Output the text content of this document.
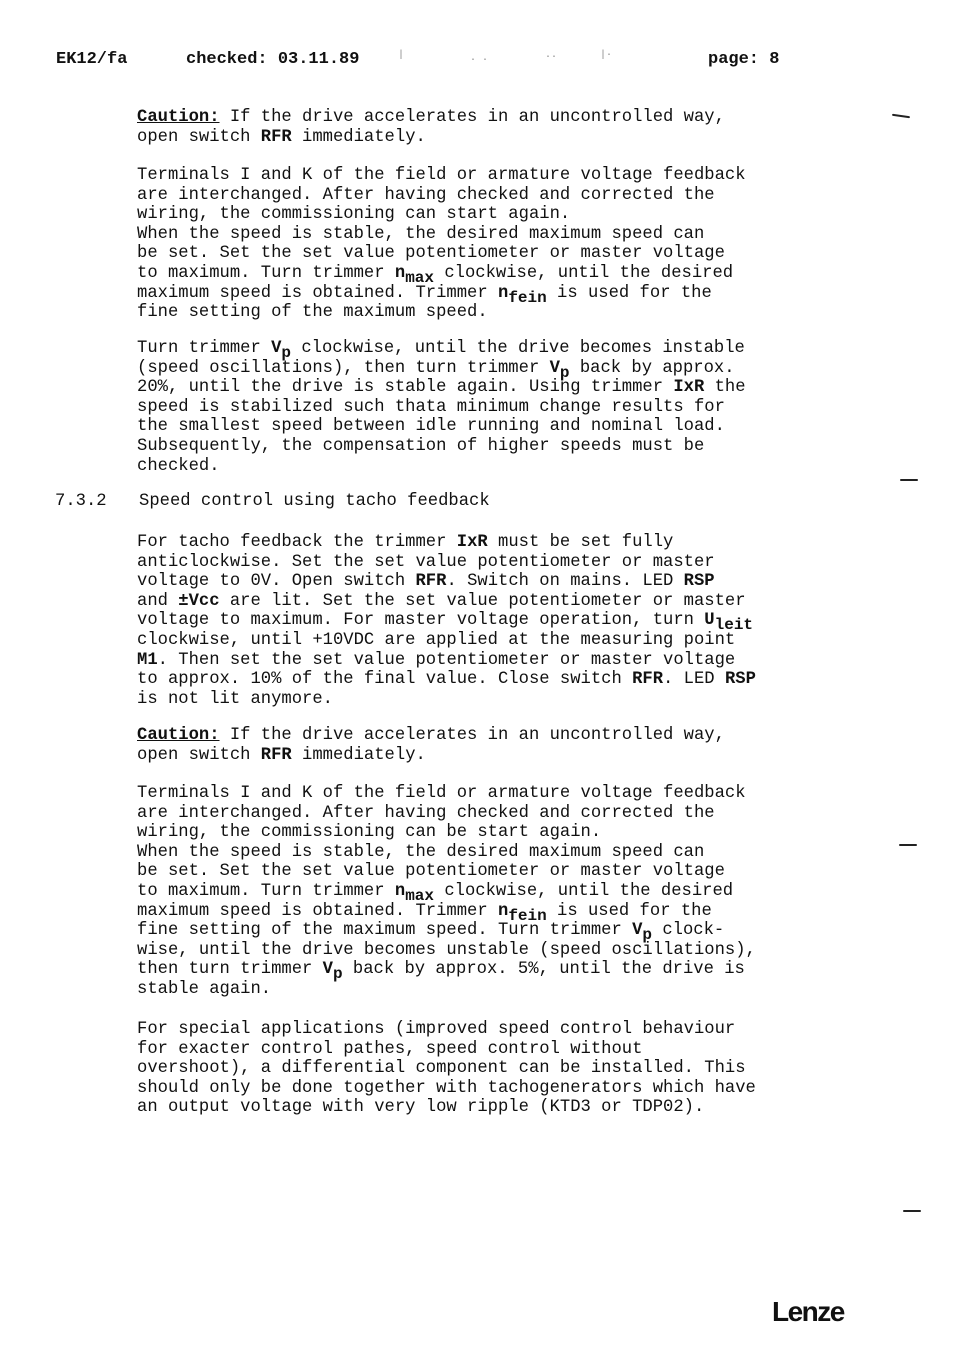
EK12/fa	checked: 03.11.89	page: 8
|	· ·	··	|·
Caution: If the drive accelerates in an uncontrolled way,
open switch RFR immediately.
Terminals I and K of the field or armature voltage feedback
are interchanged. After having checked and corrected the
wiring, the commissioning can start again.
When the speed is stable, the desired maximum speed can
be set. Set the set value potentiometer or master voltage
to maximum. Turn trimmer $n_{max}$ clockwise, until the desired
maximum speed is obtained. Trimmer $n_{fein}$ is used for the
fine setting of the maximum speed.
Turn trimmer $V_p$ clockwise, until the drive becomes instable
(speed oscillations), then turn trimmer $V_p$ back by approx.
20%, until the drive is stable again. Using trimmer IxR the
speed is stabilized such thata minimum change results for
the smallest speed between idle running and nominal load.
Subsequently, the compensation of higher speeds must be
checked.
7.3.2 Speed control using tacho feedback
For tacho feedback the trimmer IxR must be set fully
anticlockwise. Set the set value potentiometer or master
voltage to 0V. Open switch RFR. Switch on mains. LED RSP
and ±Vcc are lit. Set the set value potentiometer or master
voltage to maximum. For master voltage operation, turn $U_{leit}$
clockwise, until +10VDC are applied at the measuring point
M1. Then set the set value potentiometer or master voltage
to approx. 10% of the final value. Close switch RFR. LED RSP
is not lit anymore.
Caution: If the drive accelerates in an uncontrolled way,
open switch RFR immediately.
Terminals I and K of the field or armature voltage feedback
are interchanged. After having checked and corrected the
wiring, the commissioning can be start again.
When the speed is stable, the desired maximum speed can
be set. Set the set value potentiometer or master voltage
to maximum. Turn trimmer $n_{max}$ clockwise, until the desired
maximum speed is obtained. Trimmer $n_{fein}$ is used for the
fine setting of the maximum speed. Turn trimmer $V_p$ clock-
wise, until the drive becomes unstable (speed oscillations),
then turn trimmer $V_p$ back by approx. 5%, until the drive is
stable again.
For special applications (improved speed control behaviour
for exacter control pathes, speed control without
overshoot), a differential component can be installed. This
should only be done together with tachogenerators which have
an output voltage with very low ripple (KTD3 or TDP02).
Lenze
